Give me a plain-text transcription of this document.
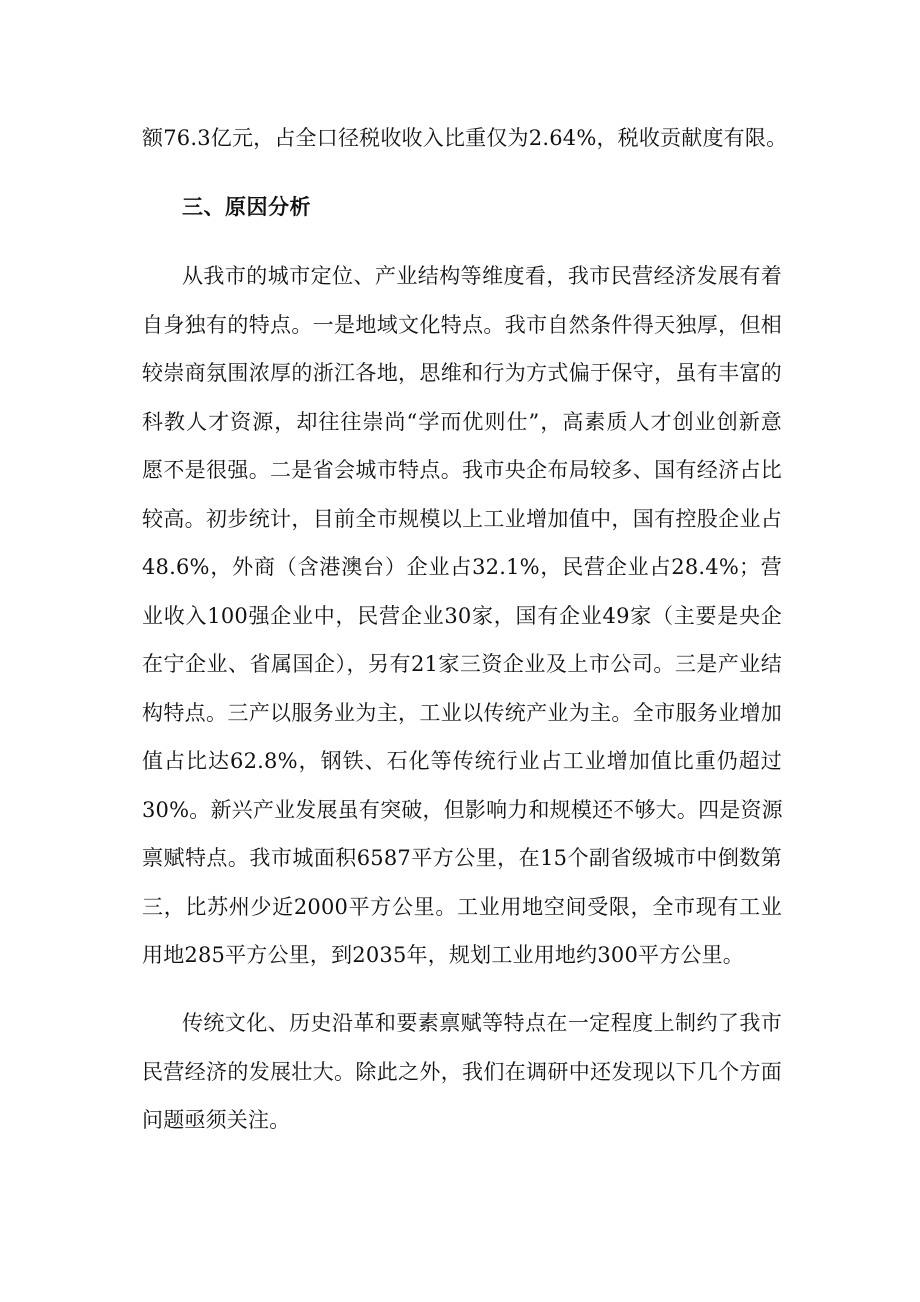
额76.3亿元，占全口径税收收入比重仅为2.64%，税收贡献度有限。
三、原因分析
从我市的城市定位、产业结构等维度看，我市民营经济发展有着
自身独有的特点。一是地域文化特点。我市自然条件得天独厚，但相
较崇商氛围浓厚的浙江各地，思维和行为方式偏于保守，虽有丰富的
科教人才资源，却往往崇尚“学而优则仕”，高素质人才创业创新意
愿不是很强。二是省会城市特点。我市央企布局较多、国有经济占比
较高。初步统计，目前全市规模以上工业增加值中，国有控股企业占
48.6%，外商（含港澳台）企业占32.1%，民营企业占28.4%；营
业收入100强企业中，民营企业30家，国有企业49家（主要是央企
在宁企业、省属国企），另有21家三资企业及上市公司。三是产业结
构特点。三产以服务业为主，工业以传统产业为主。全市服务业增加
值占比达62.8%，钢铁、石化等传统行业占工业增加值比重仍超过
30%。新兴产业发展虽有突破，但影响力和规模还不够大。四是资源
禀赋特点。我市城面积6587平方公里，在15个副省级城市中倒数第
三，比苏州少近2000平方公里。工业用地空间受限，全市现有工业
用地285平方公里，到2035年，规划工业用地约300平方公里。
传统文化、历史沿革和要素禀赋等特点在一定程度上制约了我市
民营经济的发展壮大。除此之外，我们在调研中还发现以下几个方面
问题亟须关注。
